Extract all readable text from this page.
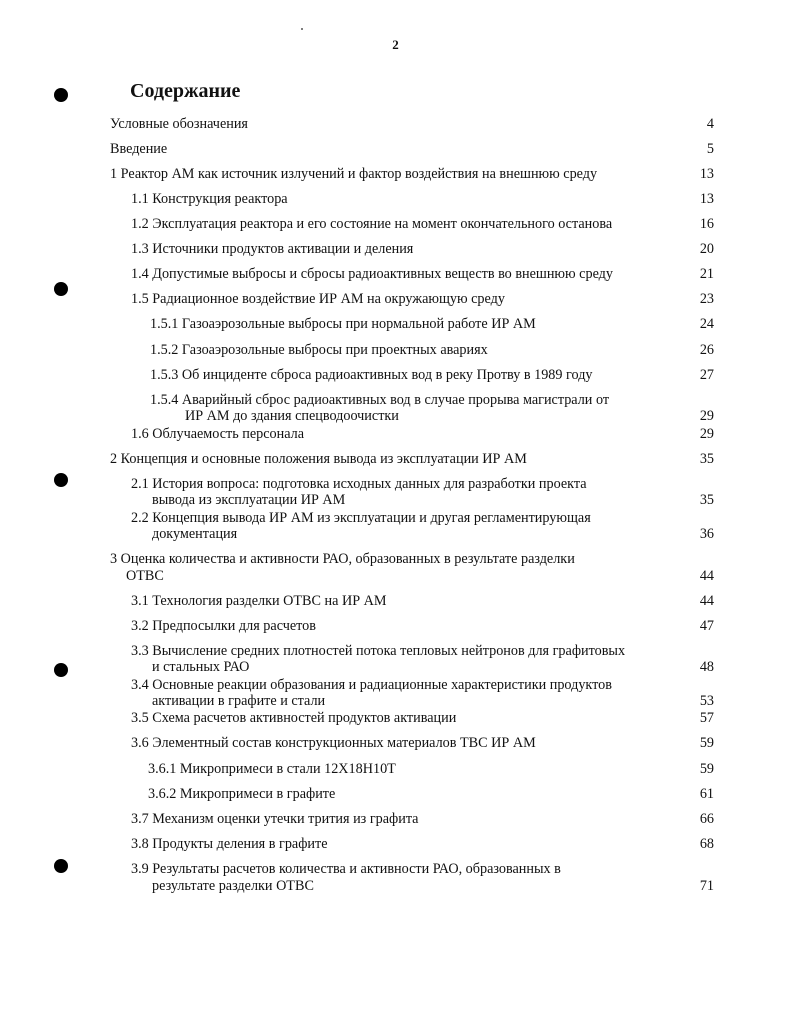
2
Содержание
Условные обозначения	4
Введение	5
1 Реактор АМ как источник излучений и фактор воздействия на внешнюю среду	13
1.1 Конструкция реактора	13
1.2 Эксплуатация реактора и его состояние на момент окончательного останова	16
1.3 Источники продуктов активации и деления	20
1.4 Допустимые выбросы и сбросы радиоактивных веществ во внешнюю среду	21
1.5 Радиационное воздействие ИР АМ на окружающую среду	23
1.5.1 Газоаэрозольные выбросы при нормальной работе ИР АМ	24
1.5.2 Газоаэрозольные выбросы при проектных авариях	26
1.5.3 Об инциденте сброса радиоактивных вод в реку Протву в 1989 году	27
1.5.4 Аварийный сброс радиоактивных вод в случае прорыва магистрали от
ИР АМ до здания спецводоочистки	29
1.6 Облучаемость персонала	29
2 Концепция и основные положения вывода из эксплуатации ИР АМ	35
2.1 История вопроса: подготовка исходных данных для разработки проекта
вывода из эксплуатации ИР АМ	35
2.2 Концепция вывода ИР АМ из эксплуатации и другая регламентирующая
документация	36
3 Оценка количества и активности РАО, образованных в результате разделки
ОТВС	44
3.1 Технология разделки ОТВС на ИР АМ	44
3.2 Предпосылки для расчетов	47
3.3 Вычисление средних плотностей потока тепловых нейтронов для графитовых
и стальных РАО	48
3.4 Основные реакции образования и радиационные характеристики продуктов
активации в графите и стали	53
3.5 Схема расчетов активностей продуктов активации	57
3.6 Элементный состав конструкционных материалов ТВС ИР АМ	59
3.6.1 Микропримеси в стали 12Х18Н10Т	59
3.6.2 Микропримеси в графите	61
3.7 Механизм оценки утечки трития из графита	66
3.8 Продукты деления в графите	68
3.9 Результаты расчетов количества и активности РАО, образованных в
результате разделки ОТВС	71
